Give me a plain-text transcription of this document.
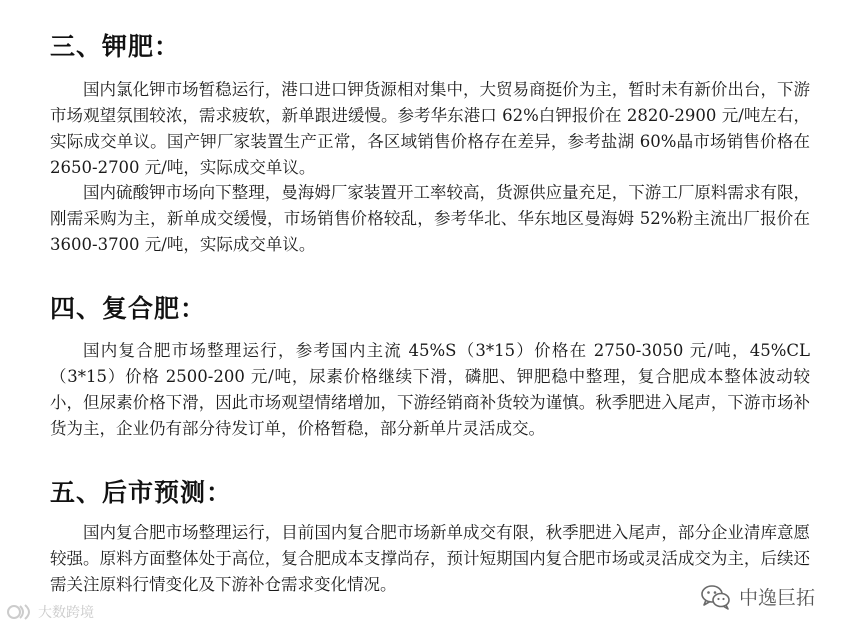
三、钾肥：

国内氯化钾市场暂稳运行，港口进口钾货源相对集中，大贸易商挺价为主，暂时未有新价出台，下游市场观望氛围较浓，需求疲软，新单跟进缓慢。参考华东港口 62%白钾报价在 2820-2900 元/吨左右，实际成交单议。国产钾厂家装置生产正常，各区域销售价格存在差异，参考盐湖 60%晶市场销售价格在 2650-2700 元/吨，实际成交单议。

国内硫酸钾市场向下整理，曼海姆厂家装置开工率较高，货源供应量充足，下游工厂原料需求有限，刚需采购为主，新单成交缓慢，市场销售价格较乱，参考华北、华东地区曼海姆 52%粉主流出厂报价在 3600-3700 元/吨，实际成交单议。

四、复合肥：

国内复合肥市场整理运行，参考国内主流 45%S（3*15）价格在 2750-3050 元/吨，45%CL（3*15）价格 2500-200 元/吨，尿素价格继续下滑，磷肥、钾肥稳中整理，复合肥成本整体波动较小，但尿素价格下滑，因此市场观望情绪增加，下游经销商补货较为谨慎。秋季肥进入尾声，下游市场补货为主，企业仍有部分待发订单，价格暂稳，部分新单片灵活成交。

五、后市预测：

国内复合肥市场整理运行，目前国内复合肥市场新单成交有限，秋季肥进入尾声，部分企业清库意愿较强。原料方面整体处于高位，复合肥成本支撑尚存，预计短期国内复合肥市场或灵活成交为主，后续还需关注原料行情变化及下游补仓需求变化情况。

大数跨境
中逸巨拓
